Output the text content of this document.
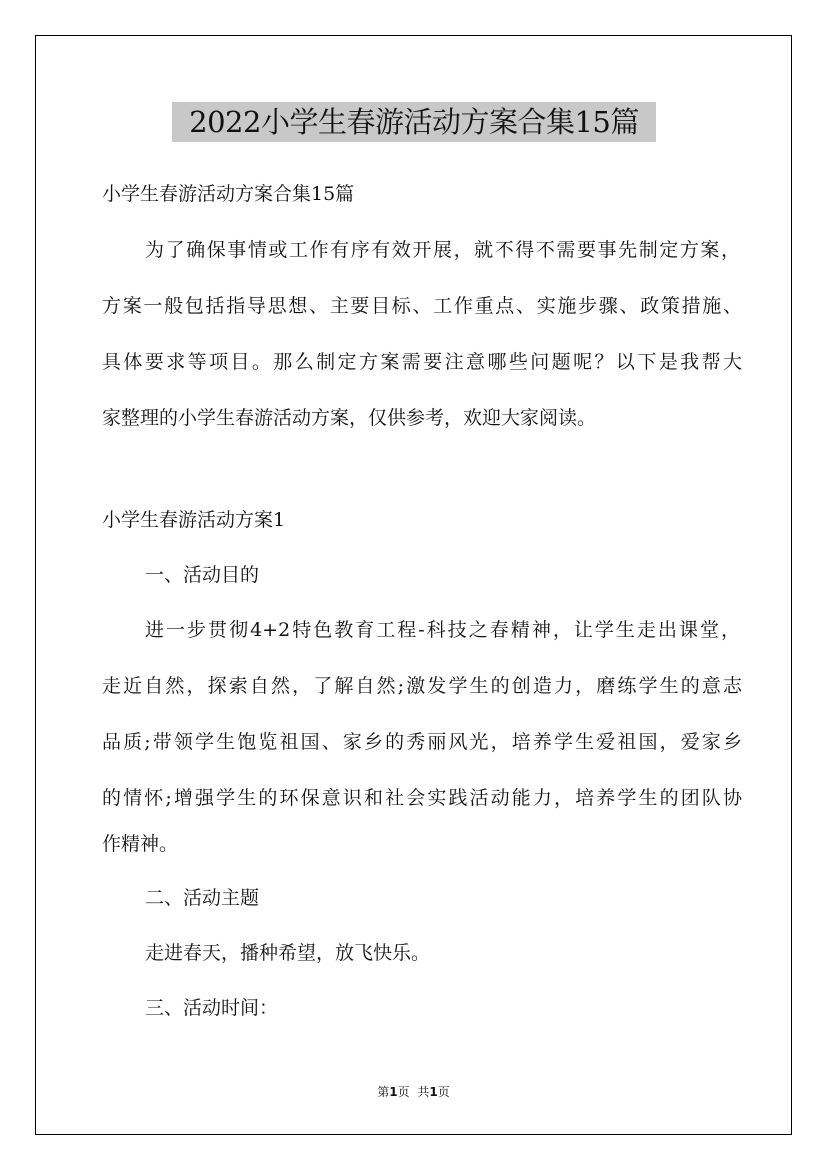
2022小学生春游活动方案合集15篇
小学生春游活动方案合集15篇
为了确保事情或工作有序有效开展，就不得不需要事先制定方案，
方案一般包括指导思想、主要目标、工作重点、实施步骤、政策措施、
具体要求等项目。那么制定方案需要注意哪些问题呢？以下是我帮大
家整理的小学生春游活动方案，仅供参考，欢迎大家阅读。
小学生春游活动方案1
一、活动目的
进一步贯彻4+2特色教育工程-科技之春精神，让学生走出课堂，
走近自然，探索自然，了解自然;激发学生的创造力，磨练学生的意志
品质;带领学生饱览祖国、家乡的秀丽风光，培养学生爱祖国，爱家乡
的情怀;增强学生的环保意识和社会实践活动能力，培养学生的团队协
作精神。
二、活动主题
走进春天，播种希望，放飞快乐。
三、活动时间：
第1页 共1页
